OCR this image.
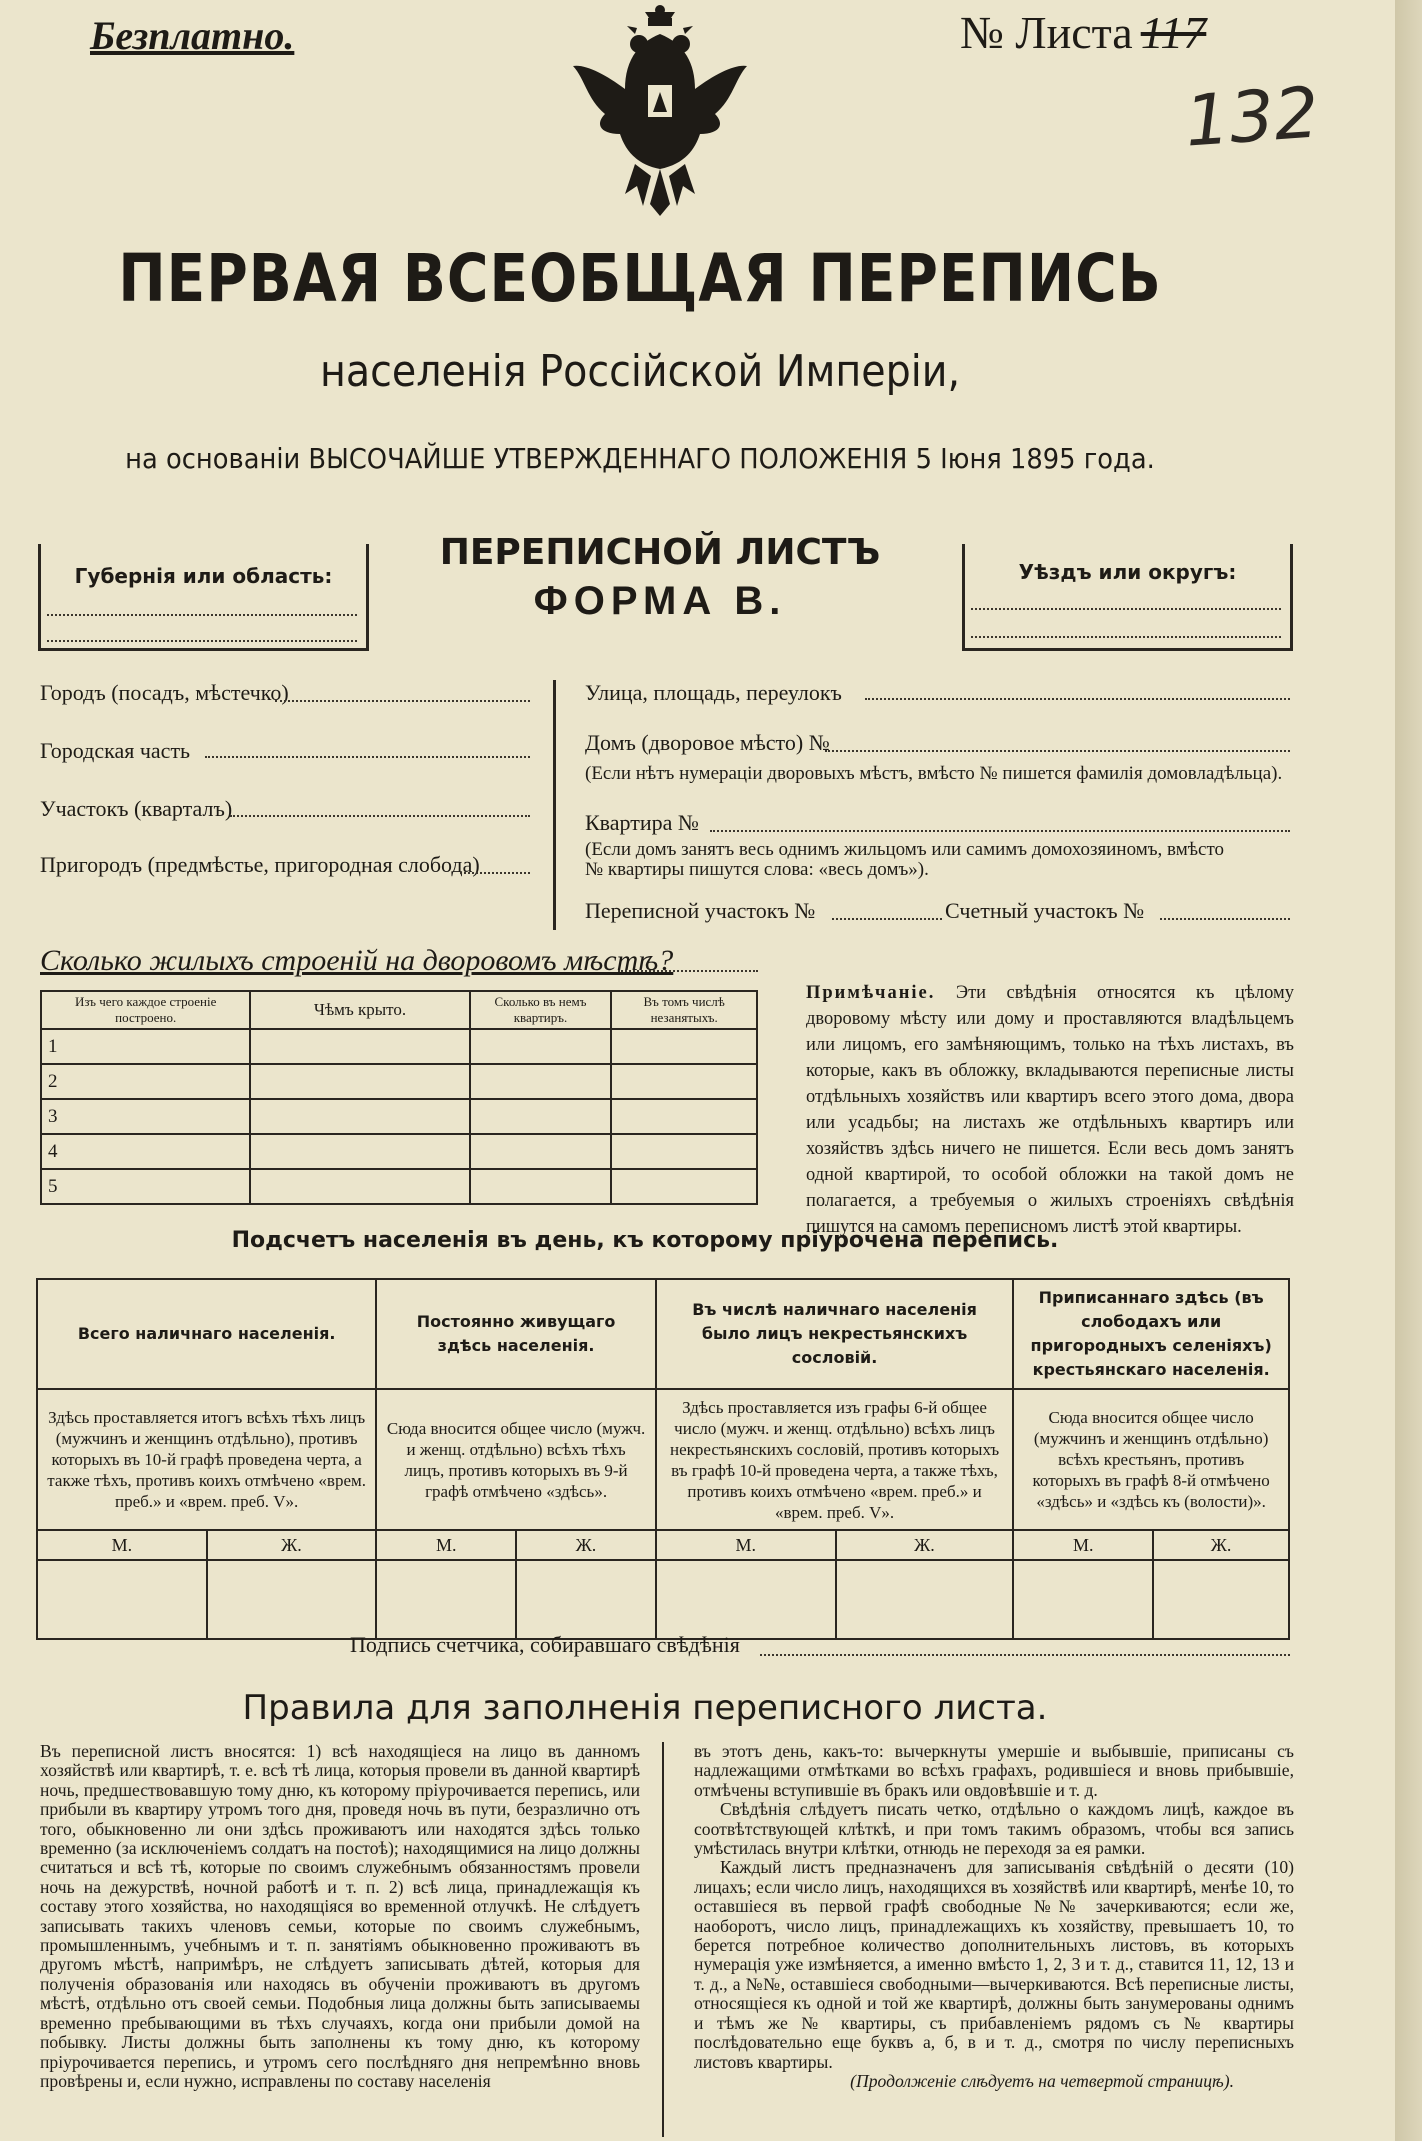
Безплатно.	№ Листа 117
132
ПЕРВАЯ ВСЕОБЩАЯ ПЕРЕПИСЬ
населенія Россійской Имперіи,
на основаніи ВЫСОЧАЙШЕ УТВЕРЖДЕННАГО ПОЛОЖЕНІЯ 5 Іюня 1895 года.
Губернія или область:
ПЕРЕПИСНОЙ ЛИСТЪ
ФОРМА В.
Уѣздъ или округъ:
Городъ (посадъ, мѣстечко)
Городская часть
Участокъ (кварталъ)
Пригородъ (предмѣстье, пригородная слобода)
Улица, площадь, переулокъ
Домъ (дворовое мѣсто) №
(Если нѣтъ нумерацiи дворовыхъ мѣстъ, вмѣсто № пишется фамилія домовладѣльца).
Квартира №
(Если домъ занятъ весь однимъ жильцомъ или самимъ домохозяиномъ, вмѣсто
№ квартиры пишутся слова: «весь домъ»).
Переписной участокъ №	Счетный участокъ №
Сколько жилыхъ строеній на дворовомъ мѣстѣ?
Изъ чего каждое строеніе построено.	Чѣмъ крыто.	Сколько въ немъ квартиръ.	Въ томъ числѣ незанятыхъ.
1			
2			
3			
4			
5			
Примѣчаніе. Эти свѣдѣнія относятся къ цѣлому дворовому мѣсту или дому и проставляются владѣльцемъ или лицомъ, его замѣняющимъ, только на тѣхъ листахъ, въ которые, какъ въ обложку, вкладываются переписные листы отдѣльныхъ хозяйствъ или квартиръ всего этого дома, двора или усадьбы; на листахъ же отдѣльныхъ квартиръ или хозяйствъ здѣсь ничего не пишется. Если весь домъ занятъ одной квартирой, то особой обложки на такой домъ не полагается, а требуемыя о жилыхъ строеніяхъ свѣдѣнія пишутся на самомъ переписномъ листѣ этой квартиры.
Подсчетъ населенія въ день, къ которому пріурочена перепись.
Всего наличнаго населенія.		Постоянно живущаго здѣсь населенія.		Въ числѣ наличнаго населенія было лицъ некрестьянскихъ сословій.		Приписаннаго здѣсь (въ слободахъ или пригородныхъ селеніяхъ) крестьянскаго населенія.	
Здѣсь проставляется итогъ всѣхъ тѣхъ лицъ (мужчинъ и женщинъ отдѣльно), противъ которыхъ въ 10-й графѣ проведена черта, а также тѣхъ, противъ коихъ отмѣчено «врем. преб.» и «врем. преб. V».		Сюда вносится общее число (мужч. и женщ. отдѣльно) всѣхъ тѣхъ лицъ, противъ которыхъ въ 9-й графѣ отмѣчено «здѣсь».		Здѣсь проставляется изъ графы 6-й общее число (мужч. и женщ. отдѣльно) всѣхъ лицъ некрестьянскихъ сословій, противъ которыхъ въ графѣ 10-й проведена черта, а также тѣхъ, противъ коихъ отмѣчено «врем. преб.» и «врем. преб. V».		Сюда вносится общее число (мужчинъ и женщинъ отдѣльно) всѣхъ крестьянъ, противъ которыхъ въ графѣ 8-й отмѣчено «здѣсь» и «здѣсь къ (волости)».	
М.	Ж.	М.	Ж.	М.	Ж.	М.	Ж.

Подпись счетчика, собиравшаго свѣдѣнія
Правила для заполненія переписного листа.

Въ переписной листъ вносятся: 1) всѣ находящіеся на лицо въ данномъ хозяйствѣ или квартирѣ, т. е. всѣ тѣ лица, которыя провели въ данной квартирѣ ночь, предшествовавшую тому дню, къ которому пріурочивается перепись, или прибыли въ квартиру утромъ того дня, проведя ночь въ пути, безразлично отъ того, обыкновенно ли они здѣсь проживаютъ или находятся здѣсь только временно (за исключеніемъ солдатъ на постоѣ); находящимися на лицо должны считаться и всѣ тѣ, которые по своимъ служебнымъ обязанностямъ провели ночь на дежурствѣ, ночной работѣ и т. п. 2) всѣ лица, принадлежащія къ составу этого хозяйства, но находящіяся во временной отлучкѣ. Не слѣдуетъ записывать такихъ членовъ семьи, которые по своимъ служебнымъ, промышленнымъ, учебнымъ и т. п. занятіямъ обыкновенно проживаютъ въ другомъ мѣстѣ, напримѣръ, не слѣдуетъ записывать дѣтей, которыя для полученія образованія или находясь въ обученіи проживаютъ въ другомъ мѣстѣ, отдѣльно отъ своей семьи. Подобныя лица должны быть записываемы временно пребывающими въ тѣхъ случаяхъ, когда они прибыли домой на побывку. Листы должны быть заполнены къ тому дню, къ которому пріурочивается перепись, и утромъ сего послѣдняго дня непремѣнно вновь провѣрены и, если нужно, исправлены по составу населенія

въ этотъ день, какъ-то: вычеркнуты умершіе и выбывшіе, приписаны съ надлежащими отмѣтками во всѣхъ графахъ, родившіеся и вновь прибывшіе, отмѣчены вступившіе въ бракъ или овдовѣвшіе и т. д.

Свѣдѣнія слѣдуетъ писать четко, отдѣльно о каждомъ лицѣ, каждое въ соотвѣтствующей клѣткѣ, и при томъ такимъ образомъ, чтобы вся запись умѣстилась внутри клѣтки, отнюдь не переходя за ея рамки.

Каждый листъ предназначенъ для записыванія свѣдѣній о десяти (10) лицахъ; если число лицъ, находящихся въ хозяйствѣ или квартирѣ, менѣе 10, то оставшіеся въ первой графѣ свободные №№ зачеркиваются; если же, наоборотъ, число лицъ, принадлежащихъ къ хозяйству, превышаетъ 10, то берется потребное количество дополнительныхъ листовъ, въ которыхъ нумерація уже измѣняется, а именно вмѣсто 1, 2, 3 и т. д., ставится 11, 12, 13 и т. д., а №№, оставшіеся свободными—вычеркиваются. Всѣ переписные листы, относящіеся къ одной и той же квартирѣ, должны быть занумерованы однимъ и тѣмъ же № квартиры, съ прибавленіемъ рядомъ съ № квартиры послѣдовательно еще буквъ а, б, в и т. д., смотря по числу переписныхъ листовъ квартиры.

(Продолженіе слѣдуетъ на четвертой страницѣ).
